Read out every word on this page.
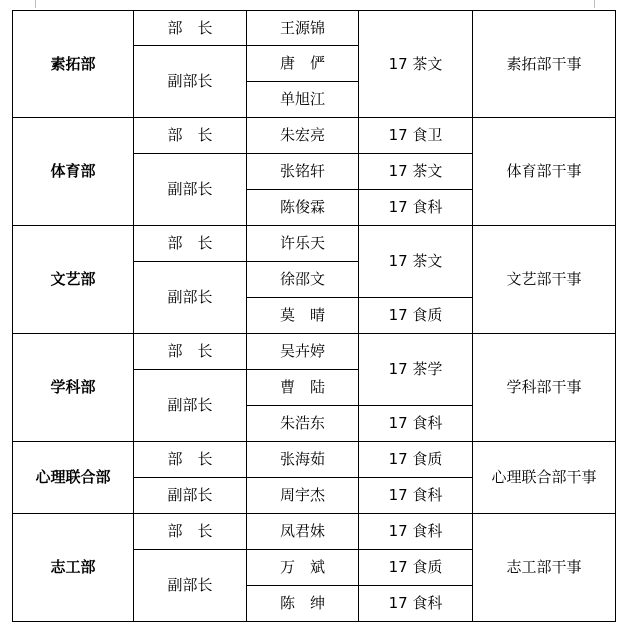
素拓部	部　长	王源锦	17 茶文	素拓部干事
	副部长	唐　俨		
		单旭江		
体育部	部　长	朱宏亮	17 食卫	体育部干事
	副部长	张铭轩	17 茶文	
		陈俊霖	17 食科	
文艺部	部　长	许乐天	17 茶文	文艺部干事
	副部长	徐邵文		
		莫　晴	17 食质	
学科部	部　长	吴卉婷	17 茶学	学科部干事
	副部长	曹　陆		
		朱浩东	17 食科	
心理联合部	部　长	张海茹	17 食质	心理联合部干事
	副部长	周宇杰	17 食科	
志工部	部　长	凤君妹	17 食科	志工部干事
	副部长	万　斌	17 食质	
		陈　绅	17 食科	
